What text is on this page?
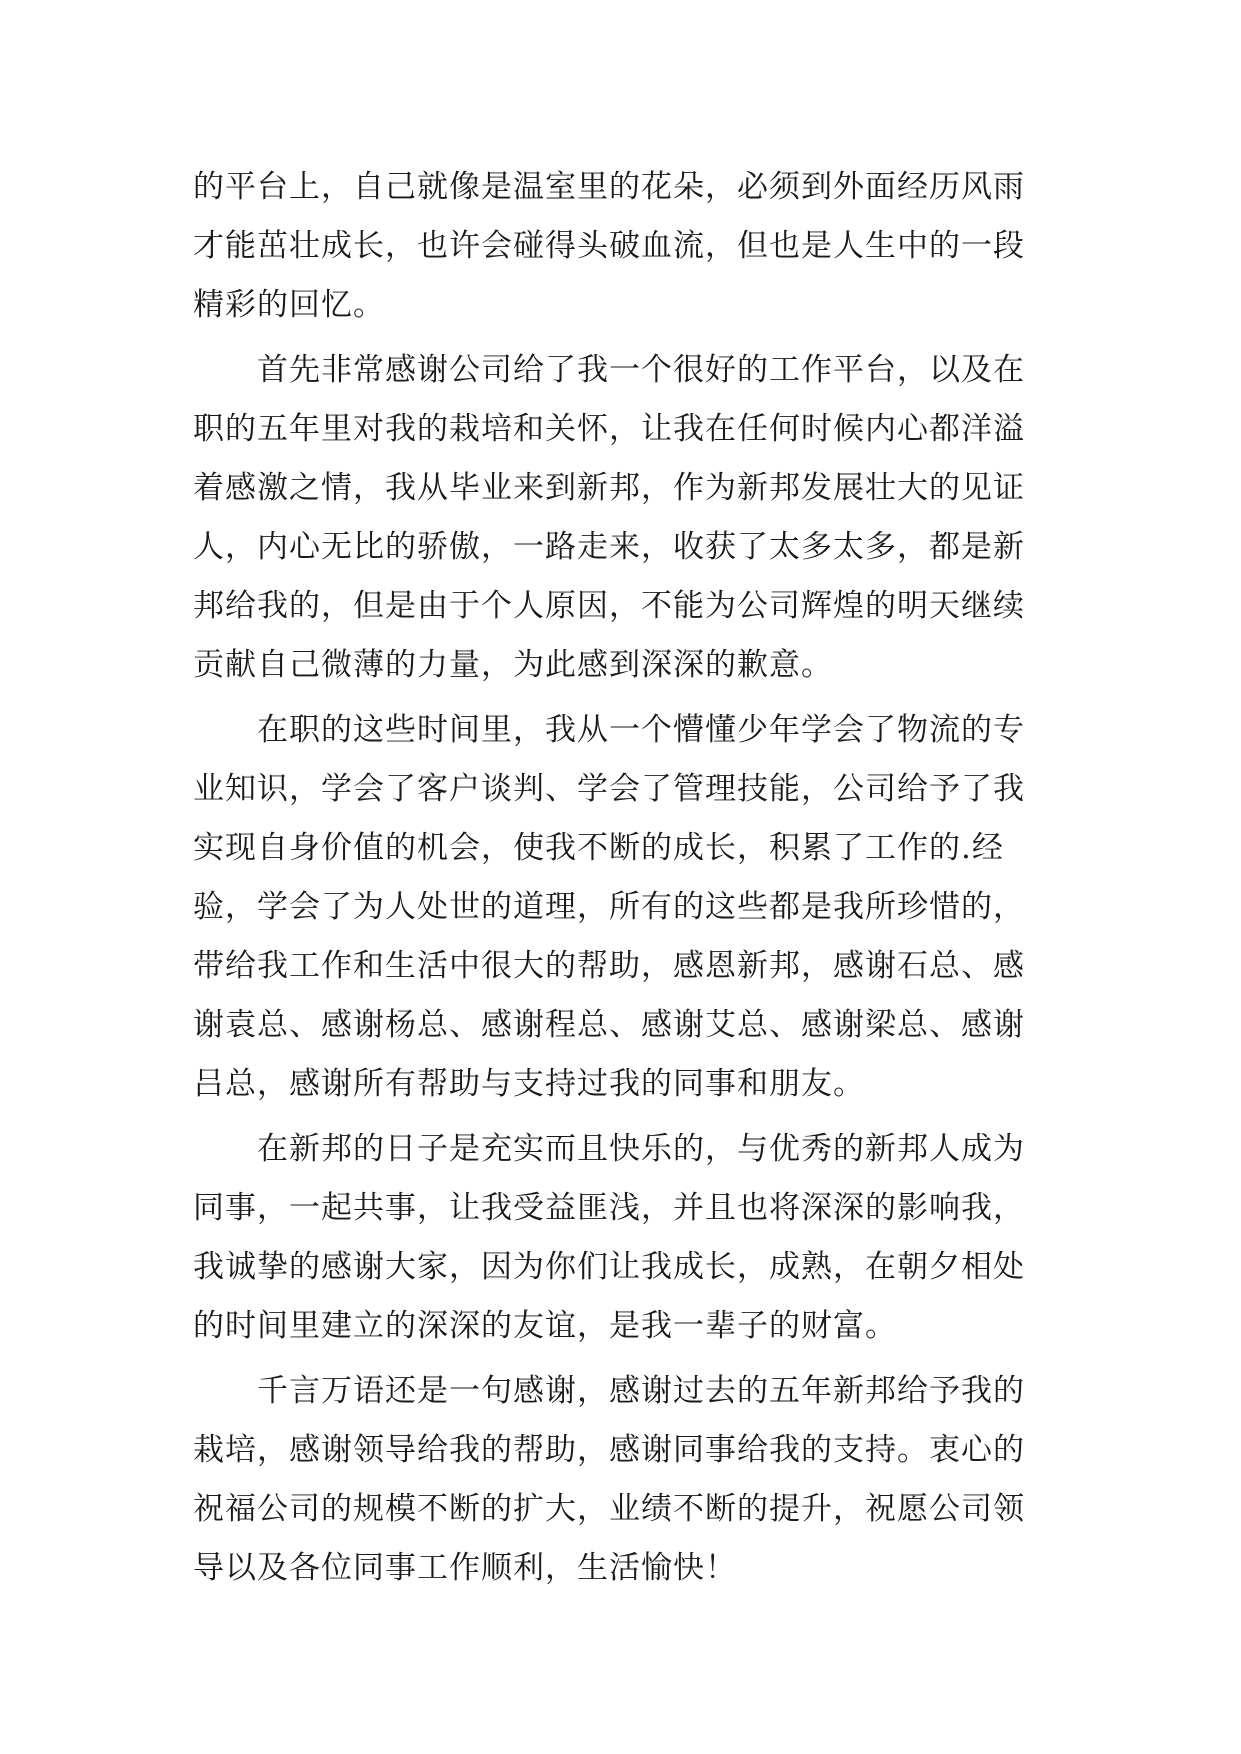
的平台上，自己就像是温室里的花朵，必须到外面经历风雨
才能茁壮成长，也许会碰得头破血流，但也是人生中的一段
精彩的回忆。
首先非常感谢公司给了我一个很好的工作平台，以及在
职的五年里对我的栽培和关怀，让我在任何时候内心都洋溢
着感激之情，我从毕业来到新邦，作为新邦发展壮大的见证
人，内心无比的骄傲，一路走来，收获了太多太多，都是新
邦给我的，但是由于个人原因，不能为公司辉煌的明天继续
贡献自己微薄的力量，为此感到深深的歉意。
在职的这些时间里，我从一个懵懂少年学会了物流的专
业知识，学会了客户谈判、学会了管理技能，公司给予了我
实现自身价值的机会，使我不断的成长，积累了工作的.经
验，学会了为人处世的道理，所有的这些都是我所珍惜的，
带给我工作和生活中很大的帮助，感恩新邦，感谢石总、感
谢袁总、感谢杨总、感谢程总、感谢艾总、感谢梁总、感谢
吕总，感谢所有帮助与支持过我的同事和朋友。
在新邦的日子是充实而且快乐的，与优秀的新邦人成为
同事，一起共事，让我受益匪浅，并且也将深深的影响我，
我诚挚的感谢大家，因为你们让我成长，成熟，在朝夕相处
的时间里建立的深深的友谊，是我一辈子的财富。
千言万语还是一句感谢，感谢过去的五年新邦给予我的
栽培，感谢领导给我的帮助，感谢同事给我的支持。衷心的
祝福公司的规模不断的扩大，业绩不断的提升，祝愿公司领
导以及各位同事工作顺利，生活愉快！
